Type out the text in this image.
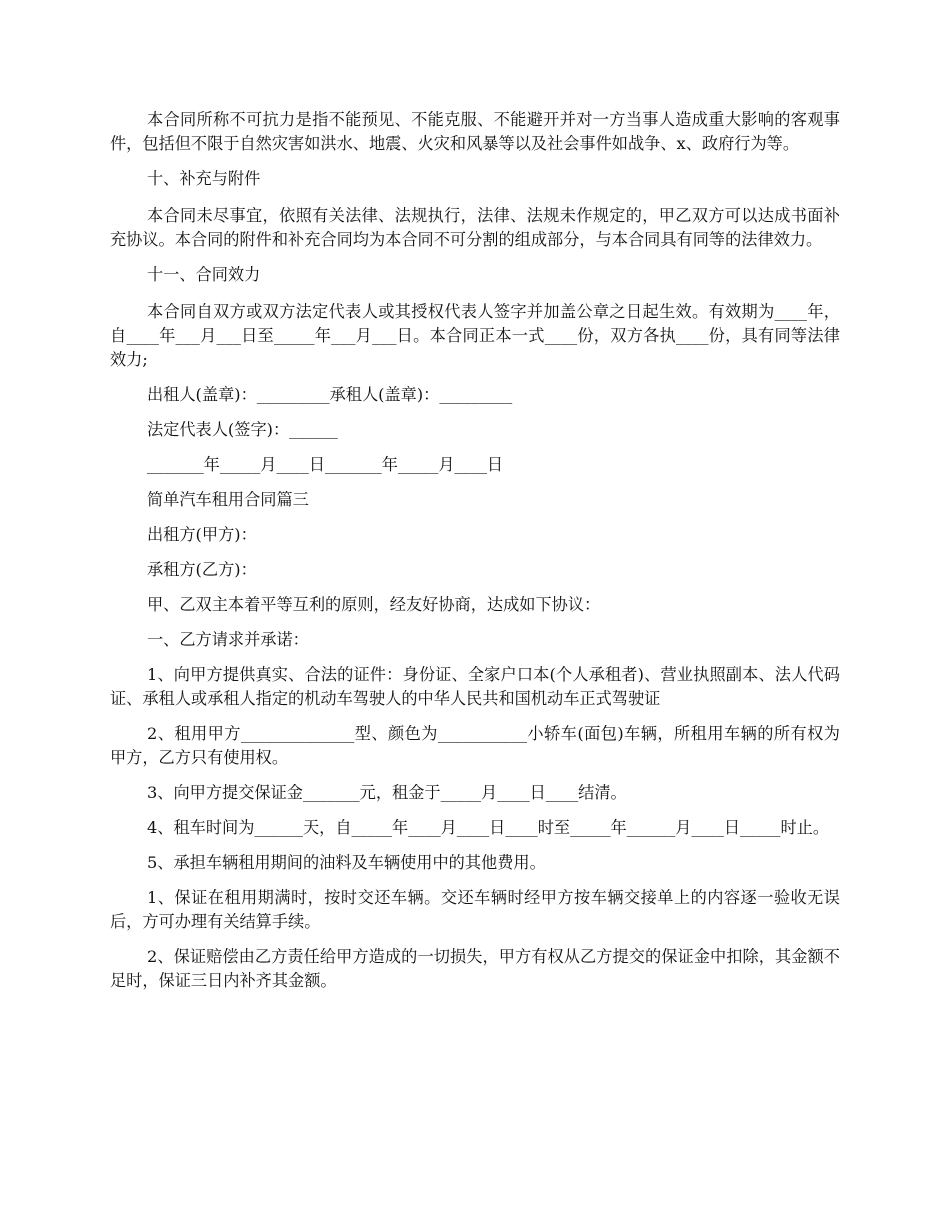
本合同所称不可抗力是指不能预见、不能克服、不能避开并对一方当事人造成重大影响的客观事件，包括但不限于自然灾害如洪水、地震、火灾和风暴等以及社会事件如战争、x、政府行为等。

十、补充与附件

本合同未尽事宜，依照有关法律、法规执行，法律、法规未作规定的，甲乙双方可以达成书面补充协议。本合同的附件和补充合同均为本合同不可分割的组成部分，与本合同具有同等的法律效力。

十一、合同效力

本合同自双方或双方法定代表人或其授权代表人签字并加盖公章之日起生效。有效期为____年，自____年___月___日至_____年___月___日。本合同正本一式____份，双方各执____份，具有同等法律效力;

出租人(盖章)：_________承租人(盖章)：_________

法定代表人(签字)：______

_______年_____月____日_______年_____月____日

简单汽车租用合同篇三

出租方(甲方)：

承租方(乙方)：

甲、乙双主本着平等互利的原则，经友好协商，达成如下协议：

一、乙方请求并承诺：

1、向甲方提供真实、合法的证件：身份证、全家户口本(个人承租者)、营业执照副本、法人代码证、承租人或承租人指定的机动车驾驶人的中华人民共和国机动车正式驾驶证

2、租用甲方______________型、颜色为___________小轿车(面包)车辆，所租用车辆的所有权为甲方，乙方只有使用权。

3、向甲方提交保证金_______元，租金于_____月____日____结清。

4、租车时间为______天，自_____年____月____日____时至_____年______月____日_____时止。

5、承担车辆租用期间的油料及车辆使用中的其他费用。

1、保证在租用期满时，按时交还车辆。交还车辆时经甲方按车辆交接单上的内容逐一验收无误后，方可办理有关结算手续。

2、保证赔偿由乙方责任给甲方造成的一切损失，甲方有权从乙方提交的保证金中扣除，其金额不足时，保证三日内补齐其金额。
